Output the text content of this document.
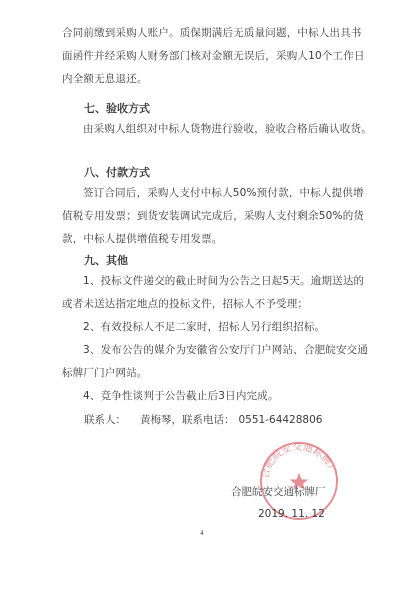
合同前缴到采购人账户。质保期满后无质量问题，中标人出具书面函件并经采购人财务部门核对金额无误后，采购人10个工作日内全额无息退还。

七、验收方式

由采购人组织对中标人货物进行验收，验收合格后确认收货。

八、付款方式

签订合同后，采购人支付中标人50%预付款，中标人提供增值税专用发票；到货安装调试完成后，采购人支付剩余50%的货款，中标人提供增值税专用发票。

九、其他

1、投标文件递交的截止时间为公告之日起5天。逾期送达的或者未送达指定地点的投标文件，招标人不予受理；

2、有效投标人不足二家时，招标人另行组织招标。

3、发布公告的媒介为安徽省公安厅门户网站、合肥皖安交通标牌厂门户网站。

4、竞争性谈判于公告截止后3日内完成。

联系人： 黄梅琴，联系电话： 0551-64428806
合肥皖安交通标牌厂
合肥皖安交通标牌厂
2019. 11. 12
4
